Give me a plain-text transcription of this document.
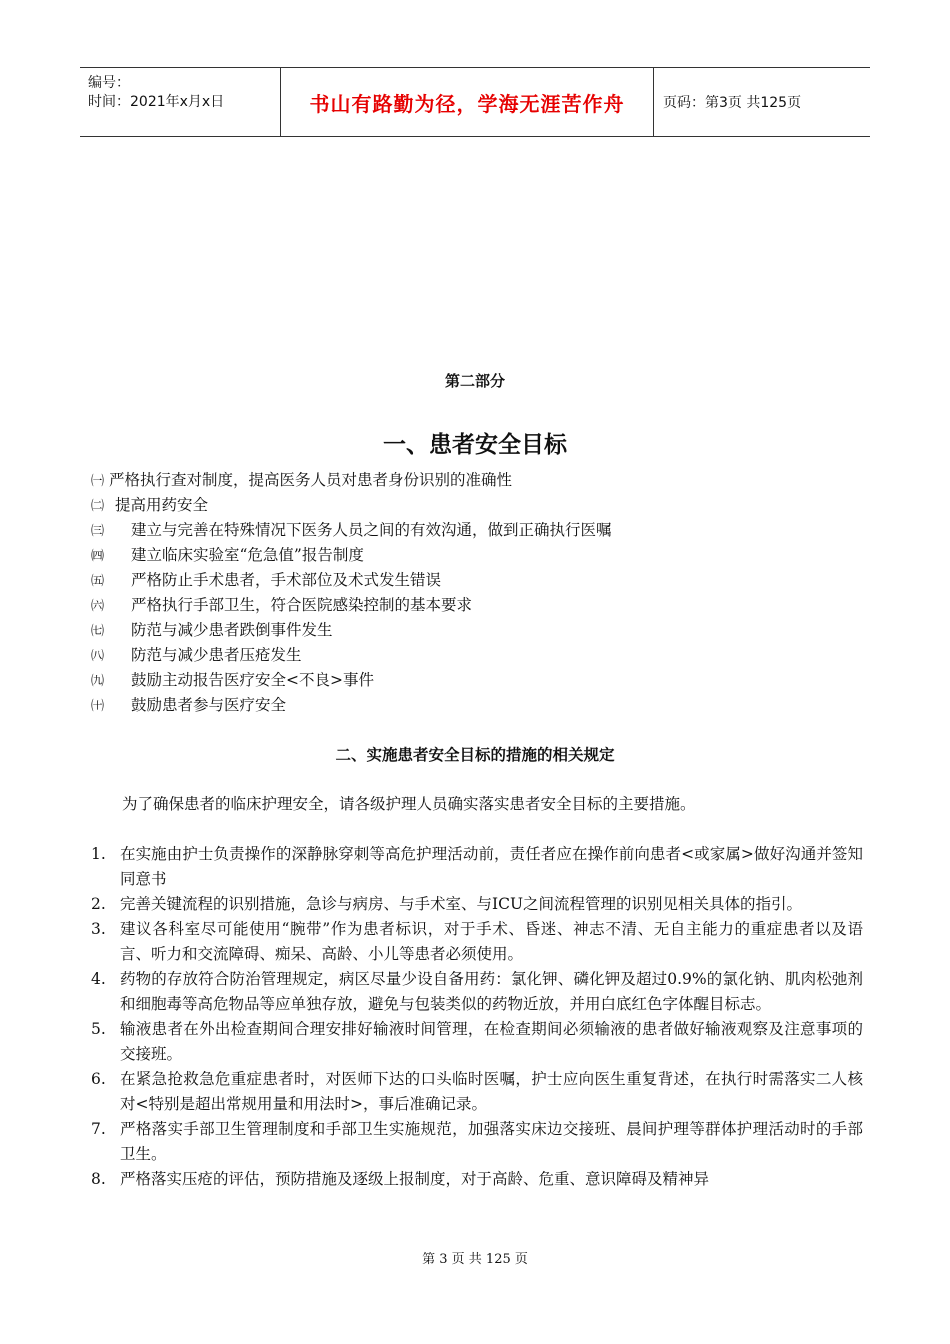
编号：
时间：2021年x月x日	书山有路勤为径，学海无涯苦作舟	页码：第3页 共125页
第二部分
一、患者安全目标
㈠ 严格执行查对制度，提高医务人员对患者身份识别的准确性
㈡ 提高用药安全
㈢ 建立与完善在特殊情况下医务人员之间的有效沟通，做到正确执行医嘱
㈣ 建立临床实验室“危急值”报告制度
㈤ 严格防止手术患者，手术部位及术式发生错误
㈥ 严格执行手部卫生，符合医院感染控制的基本要求
㈦ 防范与减少患者跌倒事件发生
㈧ 防范与减少患者压疮发生
㈨ 鼓励主动报告医疗安全<不良>事件
㈩ 鼓励患者参与医疗安全
二、实施患者安全目标的措施的相关规定
为了确保患者的临床护理安全，请各级护理人员确实落实患者安全目标的主要措施。
1. 在实施由护士负责操作的深静脉穿刺等高危护理活动前，责任者应在操作前向患者<或家属>做好沟通并签知同意书
2. 完善关键流程的识别措施，急诊与病房、与手术室、与ICU之间流程管理的识别见相关具体的指引。
3. 建议各科室尽可能使用“腕带”作为患者标识，对于手术、昏迷、神志不清、无自主能力的重症患者以及语言、听力和交流障碍、痴呆、高龄、小儿等患者必须使用。
4. 药物的存放符合防治管理规定，病区尽量少设自备用药：氯化钾、磷化钾及超过0.9%的氯化钠、肌肉松弛剂和细胞毒等高危物品等应单独存放，避免与包装类似的药物近放，并用白底红色字体醒目标志。
5. 输液患者在外出检查期间合理安排好输液时间管理，在检查期间必须输液的患者做好输液观察及注意事项的交接班。
6. 在紧急抢救急危重症患者时，对医师下达的口头临时医嘱，护士应向医生重复背述，在执行时需落实二人核对<特别是超出常规用量和用法时>，事后准确记录。
7. 严格落实手部卫生管理制度和手部卫生实施规范，加强落实床边交接班、晨间护理等群体护理活动时的手部卫生。
8. 严格落实压疮的评估，预防措施及逐级上报制度，对于高龄、危重、意识障碍及精神异
第 3 页 共 125 页
